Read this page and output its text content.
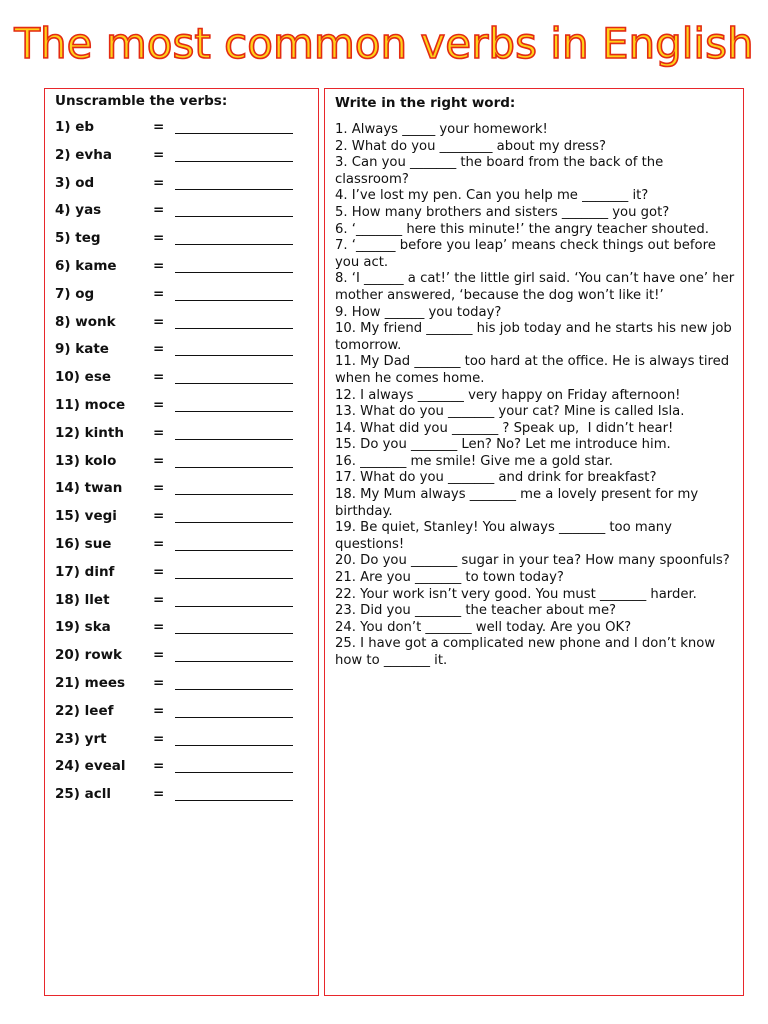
The most common verbs in English
Unscramble the verbs:
1) eb	=
2) evha	=
3) od	=
4) yas	=
5) teg	=
6) kame	=
7) og	=
8) wonk	=
9) kate	=
10) ese	=
11) moce =
12) kinth =
13) kolo	=
14) twan =
15) vegi	=
16) sue	=
17) dinf	=
18) llet	=
19) ska	=
20) rowk =
21) mees =
22) leef	=
23) yrt	=
24) eveal =
25) acll	=
Write in the right word:
1. Always _____ your homework!
2. What do you ________ about my dress?
3. Can you _______ the board from the back of the classroom?
4. I’ve lost my pen. Can you help me _______ it?
5. How many brothers and sisters _______ you got?
6. ‘_______ here this minute!’ the angry teacher shouted.
7. ‘______ before you leap’ means check things out before you act.
8. ‘I ______ a cat!’ the little girl said. ‘You can’t have one’ her mother answered, ‘because the dog won’t like it!’
9. How ______ you today?
10. My friend _______ his job today and he starts his new job tomorrow.
11. My Dad _______ too hard at the office. He is always tired when he comes home.
12. I always _______ very happy on Friday afternoon!
13. What do you _______ your cat? Mine is called Isla.
14. What did you _______ ? Speak up,  I didn’t hear!
15. Do you _______ Len? No? Let me introduce him.
16. _______ me smile! Give me a gold star.
17. What do you _______ and drink for breakfast?
18. My Mum always _______ me a lovely present for my birthday.
19. Be quiet, Stanley! You always _______ too many questions!
20. Do you _______ sugar in your tea? How many spoonfuls?
21. Are you _______ to town today?
22. Your work isn’t very good. You must _______ harder.
23. Did you _______ the teacher about me?
24. You don’t _______ well today. Are you OK?
25. I have got a complicated new phone and I don’t know how to _______ it.
